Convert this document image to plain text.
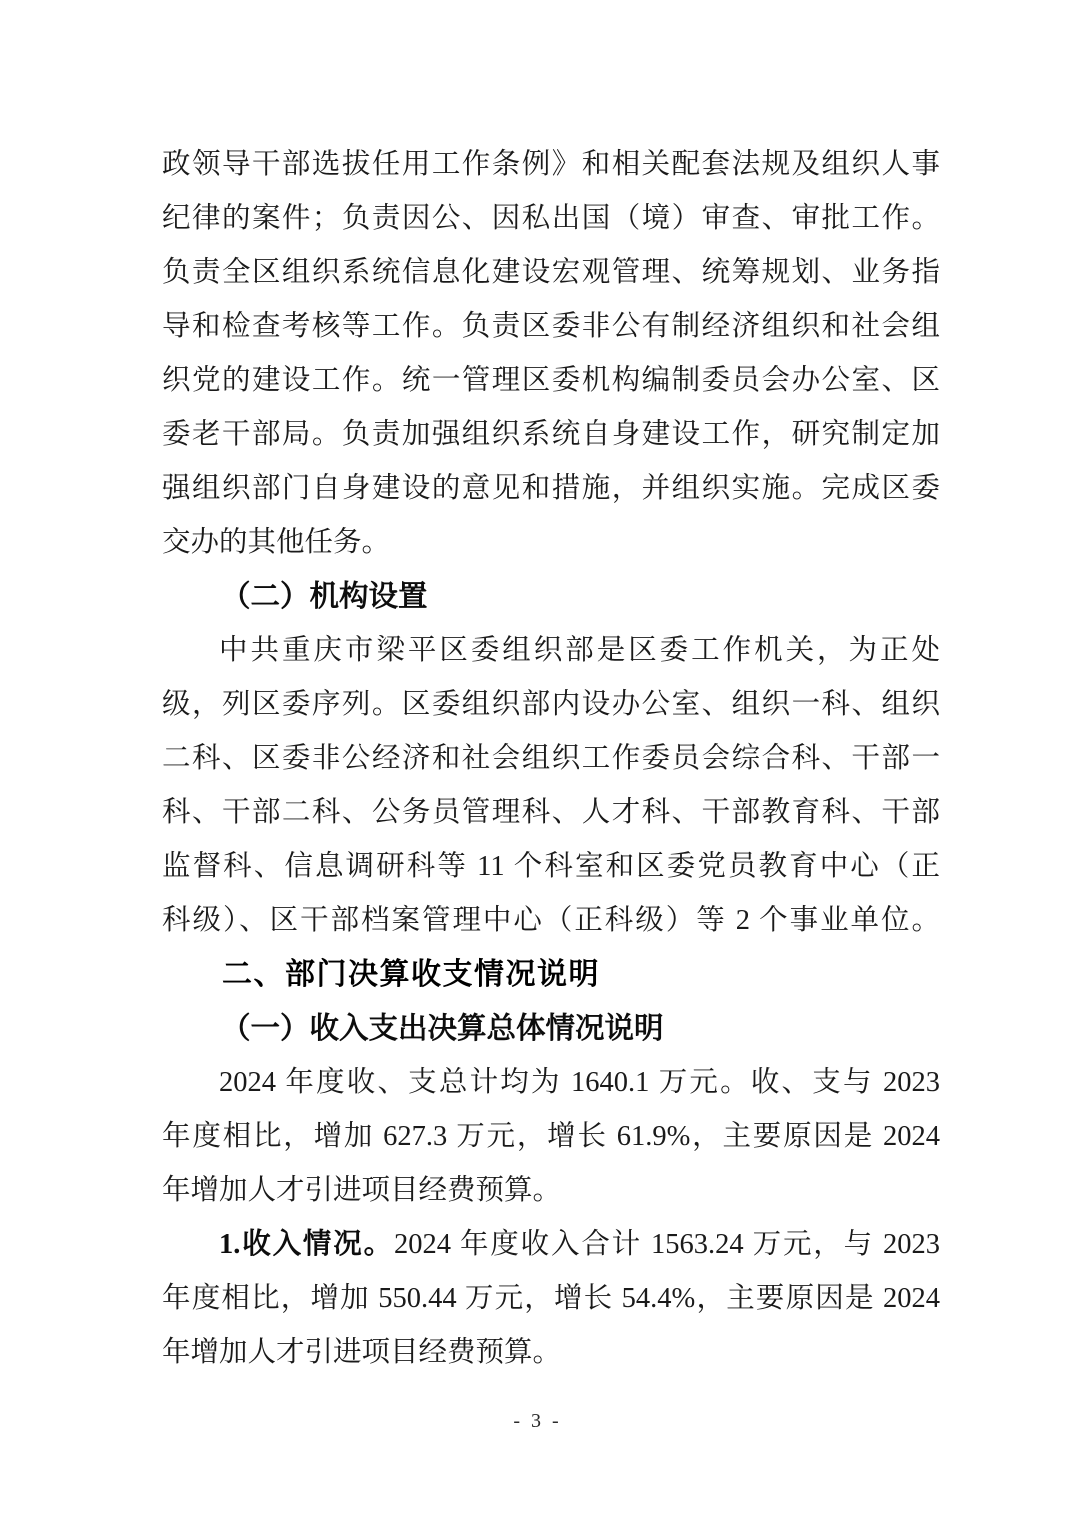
政领导干部选拔任用工作条例》和相关配套法规及组织人事
纪律的案件；负责因公、因私出国（境）审查、审批工作。
负责全区组织系统信息化建设宏观管理、统筹规划、业务指
导和检查考核等工作。负责区委非公有制经济组织和社会组
织党的建设工作。统一管理区委机构编制委员会办公室、区
委老干部局。负责加强组织系统自身建设工作，研究制定加
强组织部门自身建设的意见和措施，并组织实施。完成区委
交办的其他任务。
（二）机构设置
中共重庆市梁平区委组织部是区委工作机关，为正处
级，列区委序列。区委组织部内设办公室、组织一科、组织
二科、区委非公经济和社会组织工作委员会综合科、干部一
科、干部二科、公务员管理科、人才科、干部教育科、干部
监督科、信息调研科等 11 个科室和区委党员教育中心（正
科级）、区干部档案管理中心（正科级）等 2 个事业单位。
二、部门决算收支情况说明
（一）收入支出决算总体情况说明
2024 年度收、支总计均为 1640.1 万元。收、支与 2023
年度相比，增加 627.3 万元，增长 61.9%，主要原因是 2024
年增加人才引进项目经费预算。
1.收入情况。2024 年度收入合计 1563.24 万元，与 2023
年度相比，增加 550.44 万元，增长 54.4%，主要原因是 2024
年增加人才引进项目经费预算。
- 3 -
